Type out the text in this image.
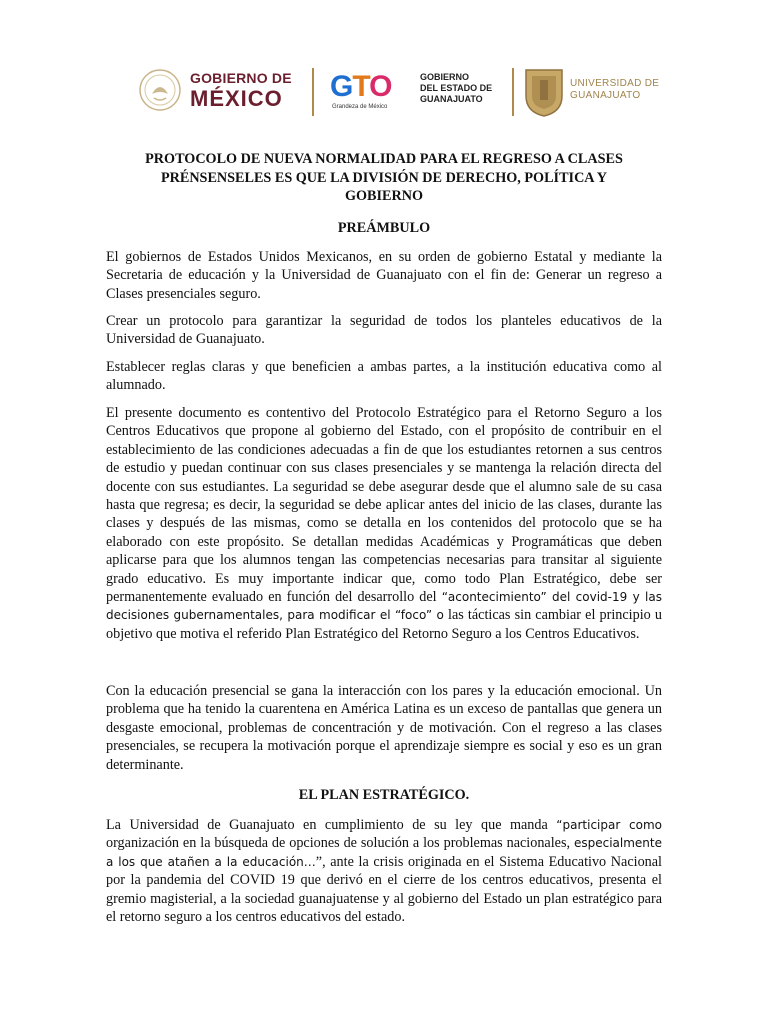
GOBIERNO DE
MÉXICO GTO
Grandeza de México
GOBIERNO
DEL ESTADO DE
GUANAJUATO
UNIVERSIDAD DE
GUANAJUATO
PROTOCOLO DE NUEVA NORMALIDAD PARA EL REGRESO A CLASES
PRÉNSENSELES ES QUE LA DIVISIÓN DE DERECHO, POLÍTICA Y
GOBIERNO
PREÁMBULO

El gobiernos de Estados Unidos Mexicanos, en su orden de gobierno Estatal y mediante la Secretaria de educación y la Universidad de Guanajuato con el fin de: Generar un regreso a Clases presenciales seguro.

Crear un protocolo para garantizar la seguridad de todos los planteles educativos de la Universidad de Guanajuato.

Establecer reglas claras y que beneficien a ambas partes, a la institución educativa como al alumnado.

El presente documento es contentivo del Protocolo Estratégico para el Retorno Seguro a los Centros Educativos que propone al gobierno del Estado, con el propósito de contribuir en el establecimiento de las condiciones adecuadas a fin de que los estudiantes retornen a sus centros de estudio y puedan continuar con sus clases presenciales y se mantenga la relación directa del docente con sus estudiantes. La seguridad se debe asegurar desde que el alumno sale de su casa hasta que regresa; es decir, la seguridad se debe aplicar antes del inicio de las clases, durante las clases y después de las mismas, como se detalla en los contenidos del protocolo que se ha elaborado con este propósito. Se detallan medidas Académicas y Programáticas que deben aplicarse para que los alumnos tengan las competencias necesarias para transitar al siguiente grado educativo. Es muy importante indicar que, como todo Plan Estratégico, debe ser permanentemente evaluado en función del desarrollo del “acontecimiento” del covid-19 y las decisiones gubernamentales, para modificar el “foco” o las tácticas sin cambiar el principio u objetivo que motiva el referido Plan Estratégico del Retorno Seguro a los Centros Educativos.

Con la educación presencial se gana la interacción con los pares y la educación emocional. Un problema que ha tenido la cuarentena en América Latina es un exceso de pantallas que genera un desgaste emocional, problemas de concentración y de motivación. Con el regreso a las clases presenciales, se recupera la motivación porque el aprendizaje siempre es social y eso es un gran determinante.

EL PLAN ESTRATÉGICO.

La Universidad de Guanajuato en cumplimiento de su ley que manda “participar como organización en la búsqueda de opciones de solución a los problemas nacionales, especialmente a los que atañen a la educación…”, ante la crisis originada en el Sistema Educativo Nacional por la pandemia del COVID 19 que derivó en el cierre de los centros educativos, presenta el gremio magisterial, a la sociedad guanajuatense y al gobierno del Estado un plan estratégico para el retorno seguro a los centros educativos del estado.
